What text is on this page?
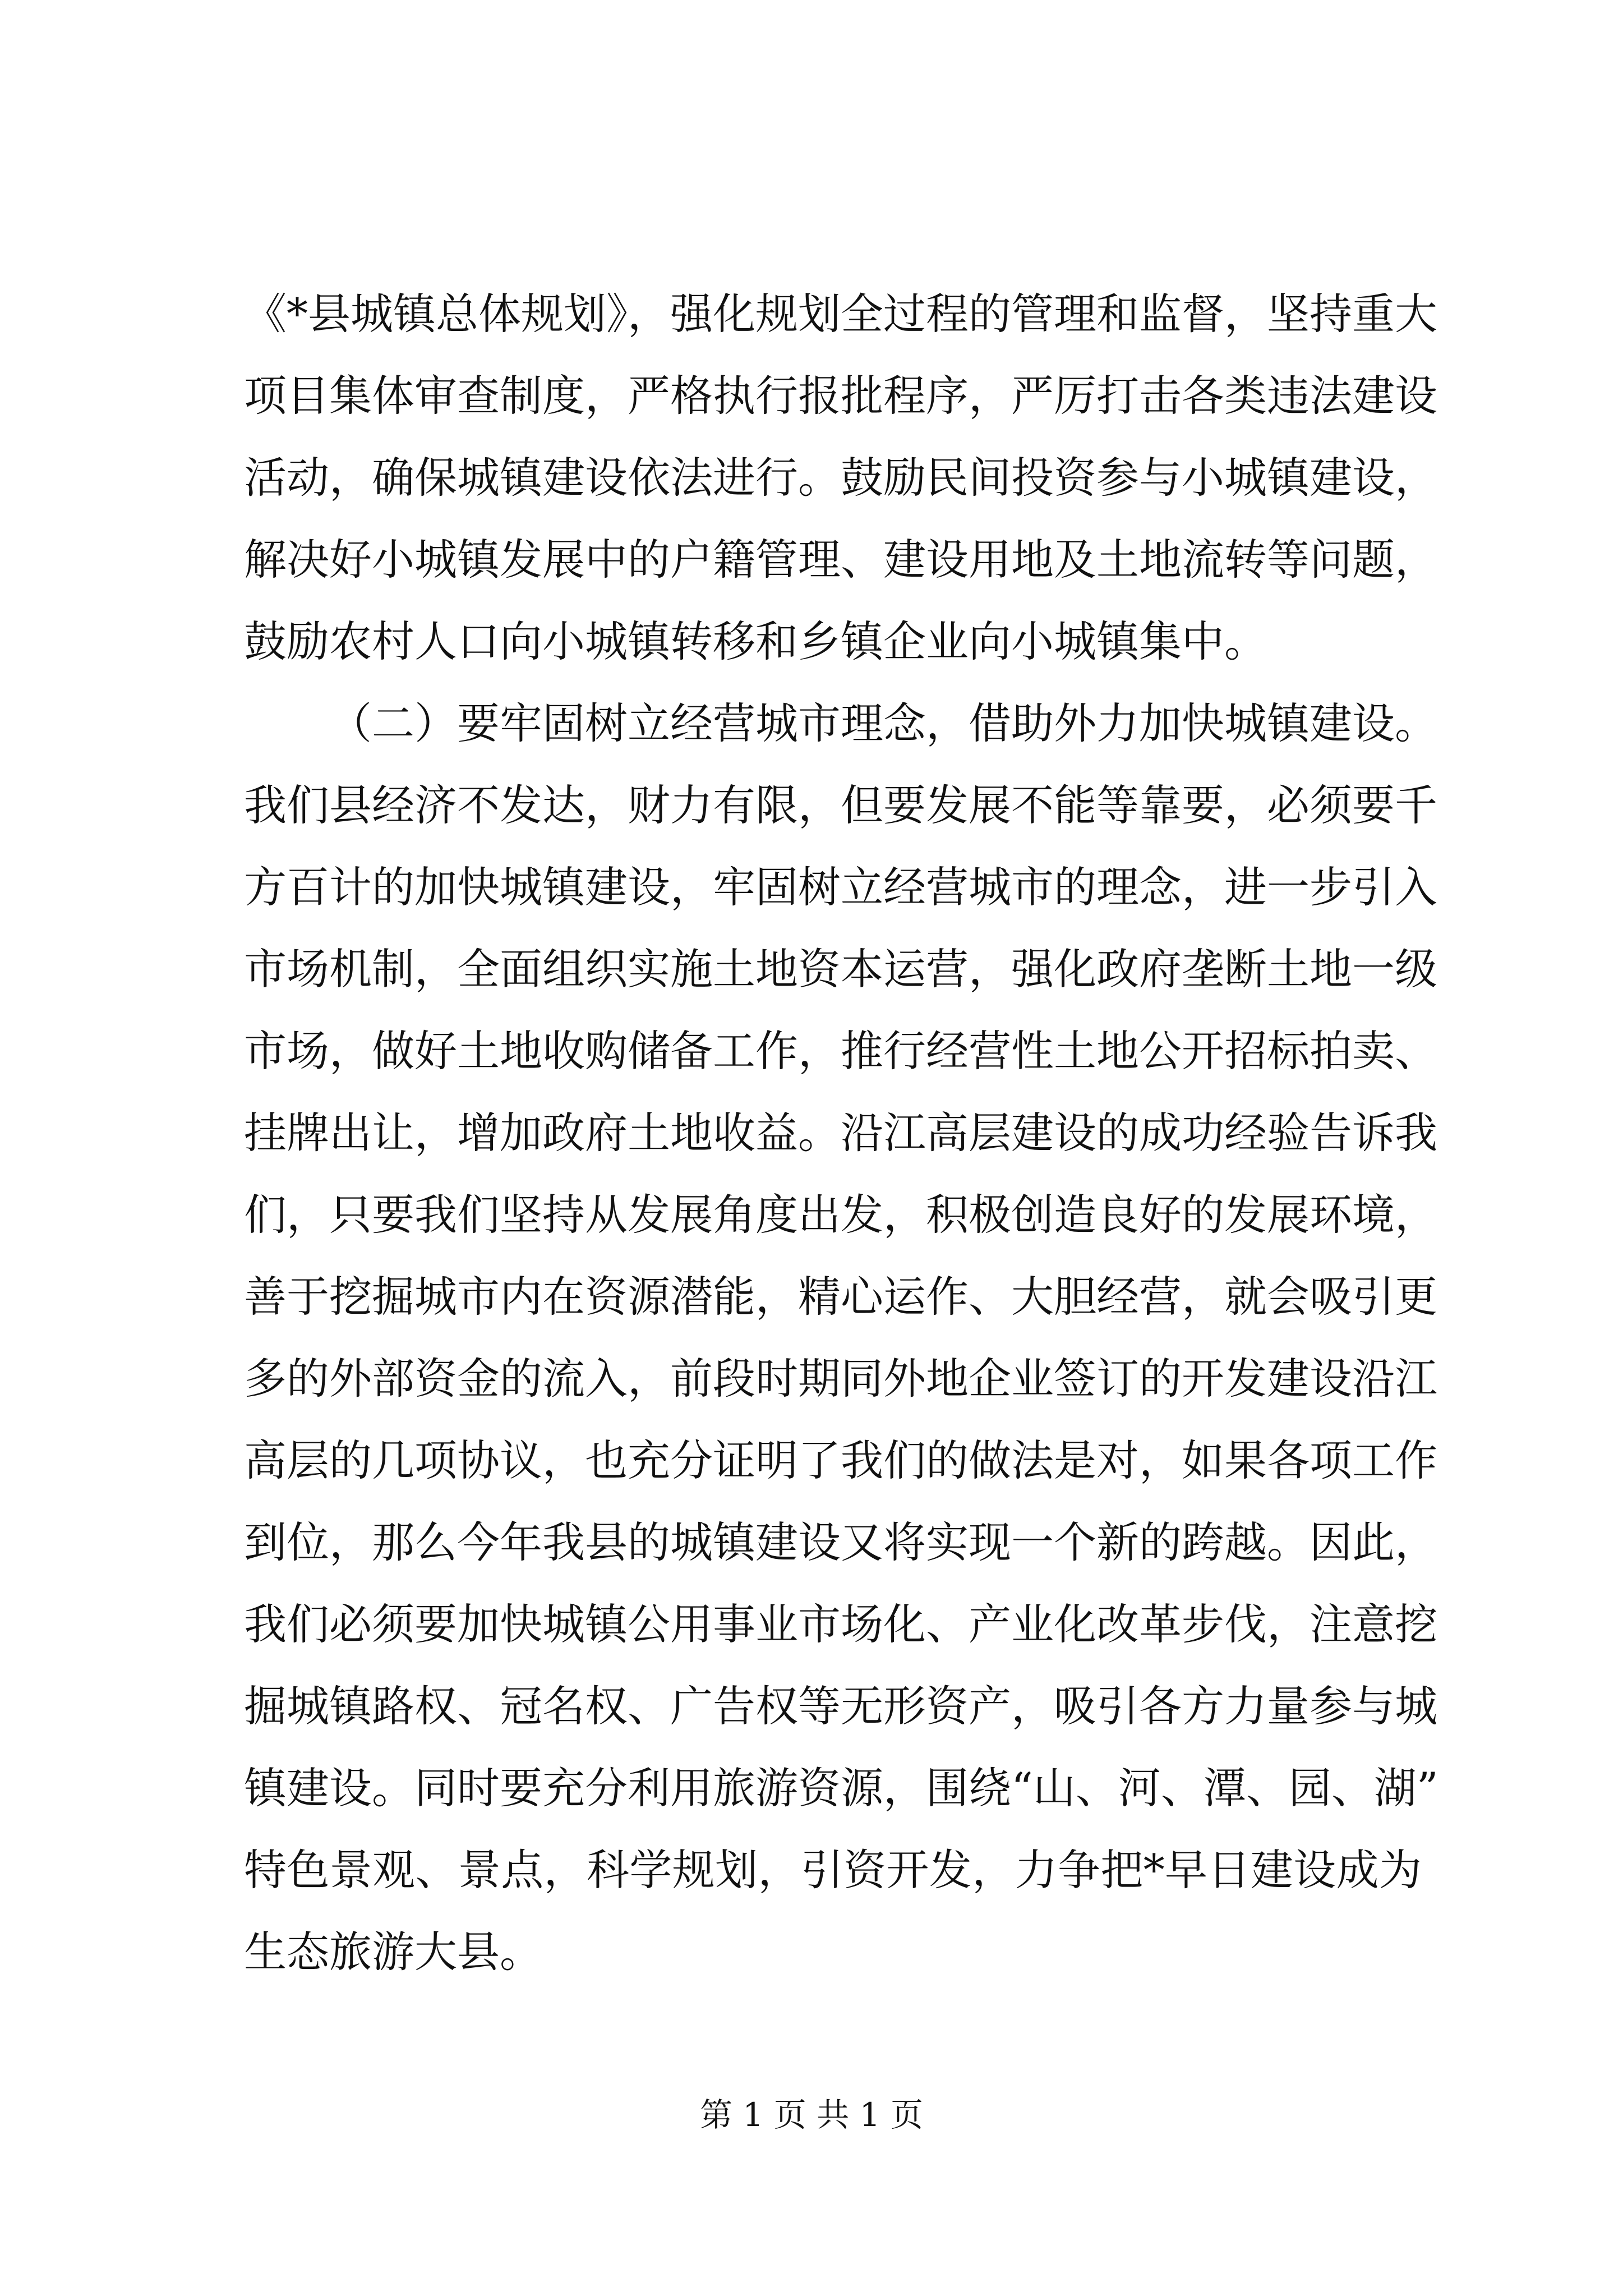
《*县城镇总体规划》，强化规划全过程的管理和监督，坚持重大
项目集体审查制度，严格执行报批程序，严厉打击各类违法建设
活动，确保城镇建设依法进行。鼓励民间投资参与小城镇建设，
解决好小城镇发展中的户籍管理、建设用地及土地流转等问题，
鼓励农村人口向小城镇转移和乡镇企业向小城镇集中。
（二）要牢固树立经营城市理念，借助外力加快城镇建设。
我们县经济不发达，财力有限，但要发展不能等靠要，必须要千
方百计的加快城镇建设，牢固树立经营城市的理念，进一步引入
市场机制，全面组织实施土地资本运营，强化政府垄断土地一级
市场，做好土地收购储备工作，推行经营性土地公开招标拍卖、
挂牌出让，增加政府土地收益。沿江高层建设的成功经验告诉我
们，只要我们坚持从发展角度出发，积极创造良好的发展环境，
善于挖掘城市内在资源潜能，精心运作、大胆经营，就会吸引更
多的外部资金的流入，前段时期同外地企业签订的开发建设沿江
高层的几项协议，也充分证明了我们的做法是对，如果各项工作
到位，那么今年我县的城镇建设又将实现一个新的跨越。因此，
我们必须要加快城镇公用事业市场化、产业化改革步伐，注意挖
掘城镇路权、冠名权、广告权等无形资产，吸引各方力量参与城
镇建设。同时要充分利用旅游资源，围绕“山、河、潭、园、湖”
特色景观、景点，科学规划，引资开发，力争把*早日建设成为
生态旅游大县。
第 1 页 共 1 页
